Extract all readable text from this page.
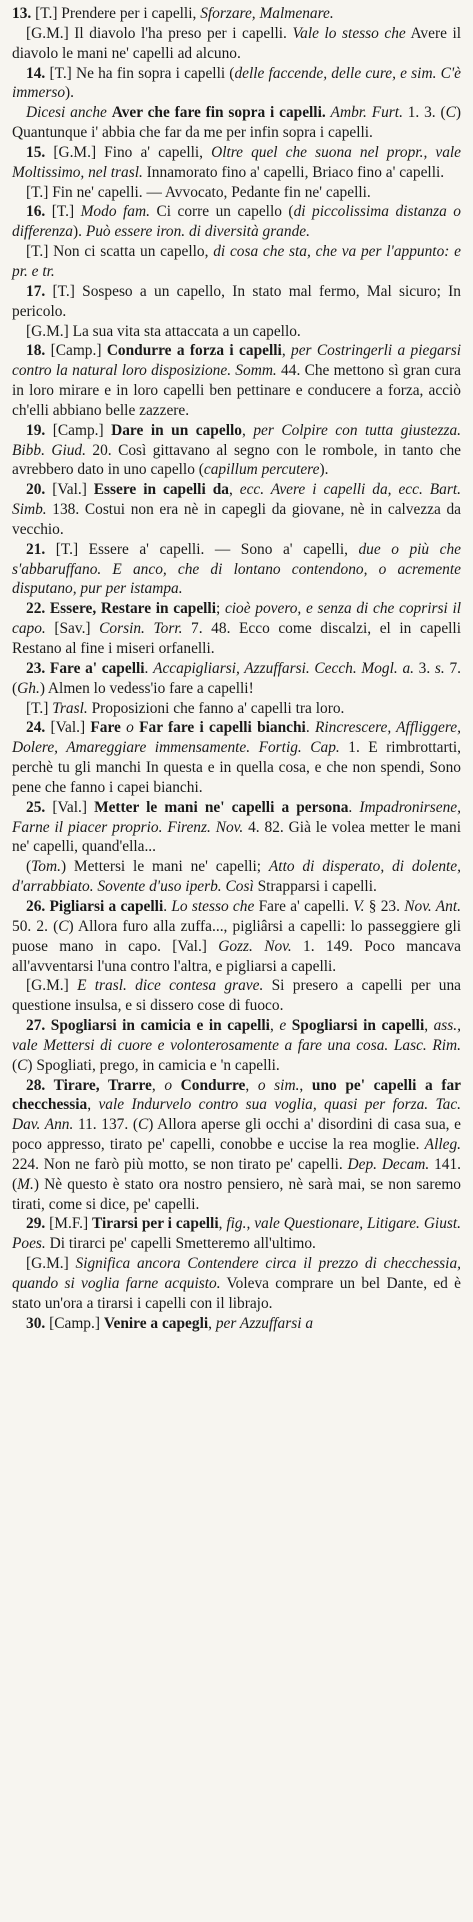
13. [T.] Prendere per i capelli, Sforzare, Malmenare.

[G.M.] Il diavolo l'ha preso per i capelli. Vale lo stesso che Avere il diavolo le mani ne' capelli ad alcuno.

14. [T.] Ne ha fin sopra i capelli (delle faccende, delle cure, e sim. C'è immerso).

Dicesi anche Aver che fare fin sopra i capelli. Ambr. Furt. 1. 3. (C) Quantunque i' abbia che far da me per infin sopra i capelli.

15. [G.M.] Fino a' capelli, Oltre quel che suona nel propr., vale Moltissimo, nel trasl. Innamorato fino a' capelli, Briaco fino a' capelli.

[T.] Fin ne' capelli. — Avvocato, Pedante fin ne' capelli.

16. [T.] Modo fam. Ci corre un capello (di piccolissima distanza o differenza). Può essere iron. di diversità grande.

[T.] Non ci scatta un capello, di cosa che sta, che va per l'appunto: e pr. e tr.

17. [T.] Sospeso a un capello, In stato mal fermo, Mal sicuro; In pericolo.

[G.M.] La sua vita sta attaccata a un capello.

18. [Camp.] Condurre a forza i capelli, per Costringerli a piegarsi contro la natural loro disposizione. Somm. 44. Che mettono sì gran cura in loro mirare e in loro capelli ben pettinare e conducere a forza, acciò ch'elli abbiano belle zazzere.

19. [Camp.] Dare in un capello, per Colpire con tutta giustezza. Bibb. Giud. 20. Così gittavano al segno con le rombole, in tanto che avrebbero dato in uno capello (capillum percutere).

20. [Val.] Essere in capelli da, ecc. Avere i capelli da, ecc. Bart. Simb. 138. Costui non era nè in capegli da giovane, nè in calvezza da vecchio.

21. [T.] Essere a' capelli. — Sono a' capelli, due o più che s'abbaruffano. E anco, che di lontano contendono, o acremente disputano, pur per istampa.

22. Essere, Restare in capelli; cioè povero, e senza di che coprirsi il capo. [Sav.] Corsin. Torr. 7. 48. Ecco come discalzi, el in capelli Restano al fine i miseri orfanelli.

23. Fare a' capelli. Accapigliarsi, Azzuffarsi. Cecch. Mogl. a. 3. s. 7. (Gh.) Almen lo vedess'io fare a capelli!

[T.] Trasl. Proposizioni che fanno a' capelli tra loro.

24. [Val.] Fare o Far fare i capelli bianchi. Rincrescere, Affliggere, Dolere, Amareggiare immensamente. Fortig. Cap. 1. E rimbrottarti, perchè tu gli manchi In questa e in quella cosa, e che non spendi, Sono pene che fanno i capei bianchi.

25. [Val.] Metter le mani ne' capelli a persona. Impadronirsene, Farne il piacer proprio. Firenz. Nov. 4. 82. Già le volea metter le mani ne' capelli, quand'ella...

(Tom.) Mettersi le mani ne' capelli; Atto di disperato, di dolente, d'arrabbiato. Sovente d'uso iperb. Così Strapparsi i capelli.

26. Pigliarsi a capelli. Lo stesso che Fare a' capelli. V. § 23. Nov. Ant. 50. 2. (C) Allora furo alla zuffa..., pigliârsi a capelli: lo passeggiere gli puose mano in capo. [Val.] Gozz. Nov. 1. 149. Poco mancava all'avventarsi l'una contro l'altra, e pigliarsi a capelli.

[G.M.] E trasl. dice contesa grave. Si presero a capelli per una questione insulsa, e si dissero cose di fuoco.

27. Spogliarsi in camicia e in capelli, e Spogliarsi in capelli, ass., vale Mettersi di cuore e volonterosamente a fare una cosa. Lasc. Rim. (C) Spogliati, prego, in camicia e 'n capelli.

28. Tirare, Trarre, o Condurre, o sim., uno pe' capelli a far checchessia, vale Indurvelo contro sua voglia, quasi per forza. Tac. Dav. Ann. 11. 137. (C) Allora aperse gli occhi a' disordini di casa sua, e poco appresso, tirato pe' capelli, conobbe e uccise la rea moglie. Alleg. 224. Non ne farò più motto, se non tirato pe' capelli. Dep. Decam. 141. (M.) Nè questo è stato ora nostro pensiero, nè sarà mai, se non saremo tirati, come si dice, pe' capelli.

29. [M.F.] Tirarsi per i capelli, fig., vale Questionare, Litigare. Giust. Poes. Di tirarci pe' capelli Smetteremo all'ultimo.

[G.M.] Significa ancora Contendere circa il prezzo di checchessia, quando si voglia farne acquisto. Voleva comprare un bel Dante, ed è stato un'ora a tirarsi i capelli con il librajo.

30. [Camp.] Venire a capegli, per Azzuffarsi a
